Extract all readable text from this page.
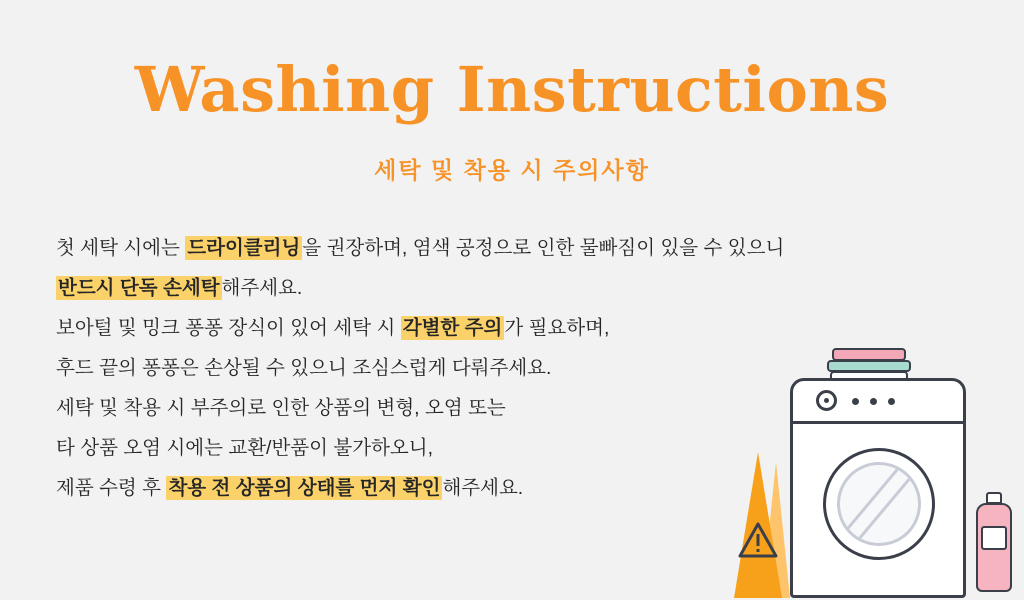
Washing Instructions
세탁 및 착용 시 주의사항
첫 세탁 시에는 드라이클리닝 을 권장하며, 염색 공정으로 인한 물빠짐이 있을 수 있으니
반드시 단독 손세탁 해주세요.
보아털 및 밍크 퐁퐁 장식이 있어 세탁 시 각별한 주의 가 필요하며,
후드 끝의 퐁퐁은 손상될 수 있으니 조심스럽게 다뤄주세요.
세탁 및 착용 시 부주의로 인한 상품의 변형, 오염 또는
타 상품 오염 시에는 교환/반품이 불가하오니,
제품 수령 후 착용 전 상품의 상태를 먼저 확인 해주세요.
